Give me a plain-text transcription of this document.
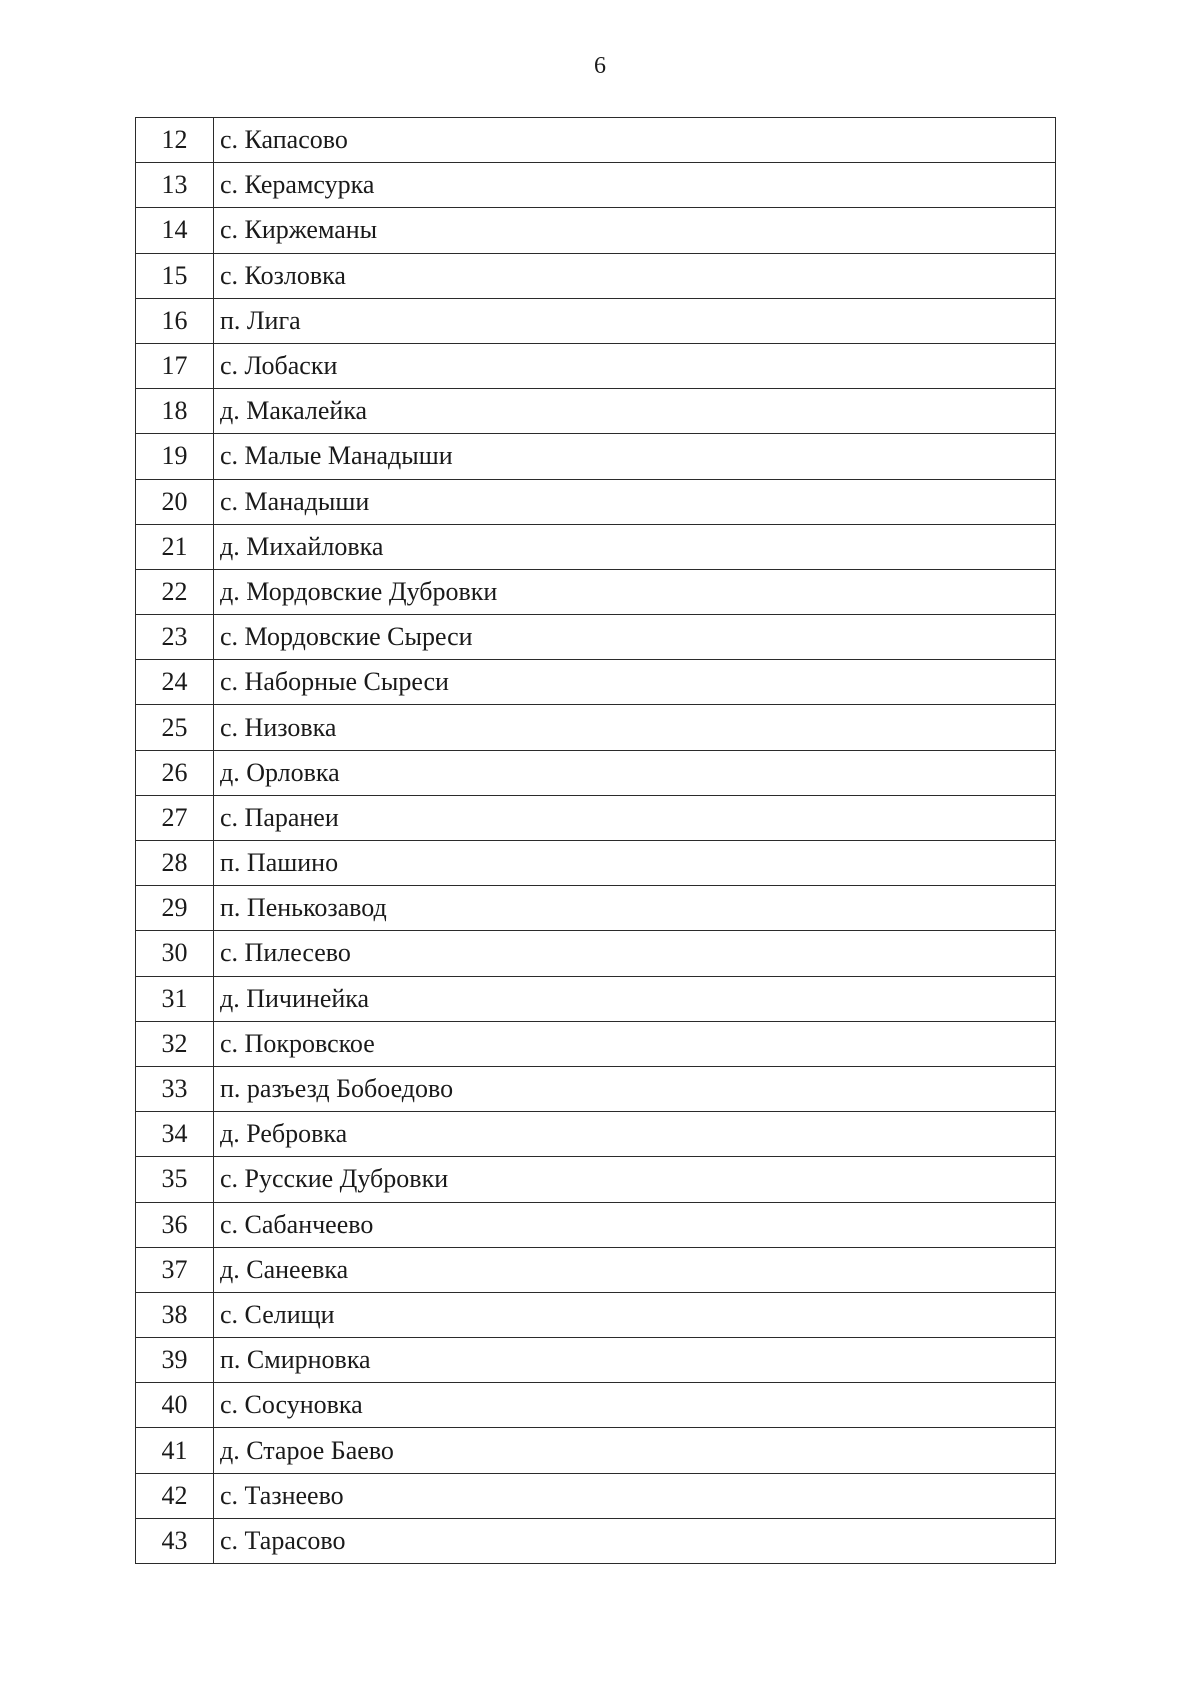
6
12	с. Капасово
13	с. Керамсурка
14	с. Киржеманы
15	с. Козловка
16	п. Лига
17	с. Лобаски
18	д. Макалейка
19	с. Малые Манадыши
20	с. Манадыши
21	д. Михайловка
22	д. Мордовские Дубровки
23	с. Мордовские Сыреси
24	с. Наборные Сыреси
25	с. Низовка
26	д. Орловка
27	с. Паранеи
28	п. Пашино
29	п. Пенькозавод
30	с. Пилесево
31	д. Пичинейка
32	с. Покровское
33	п. разъезд Бобоедово
34	д. Ребровка
35	с. Русские Дубровки
36	с. Сабанчеево
37	д. Санеевка
38	с. Селищи
39	п. Смирновка
40	с. Сосуновка
41	д. Старое Баево
42	с. Тазнеево
43	с. Тарасово
